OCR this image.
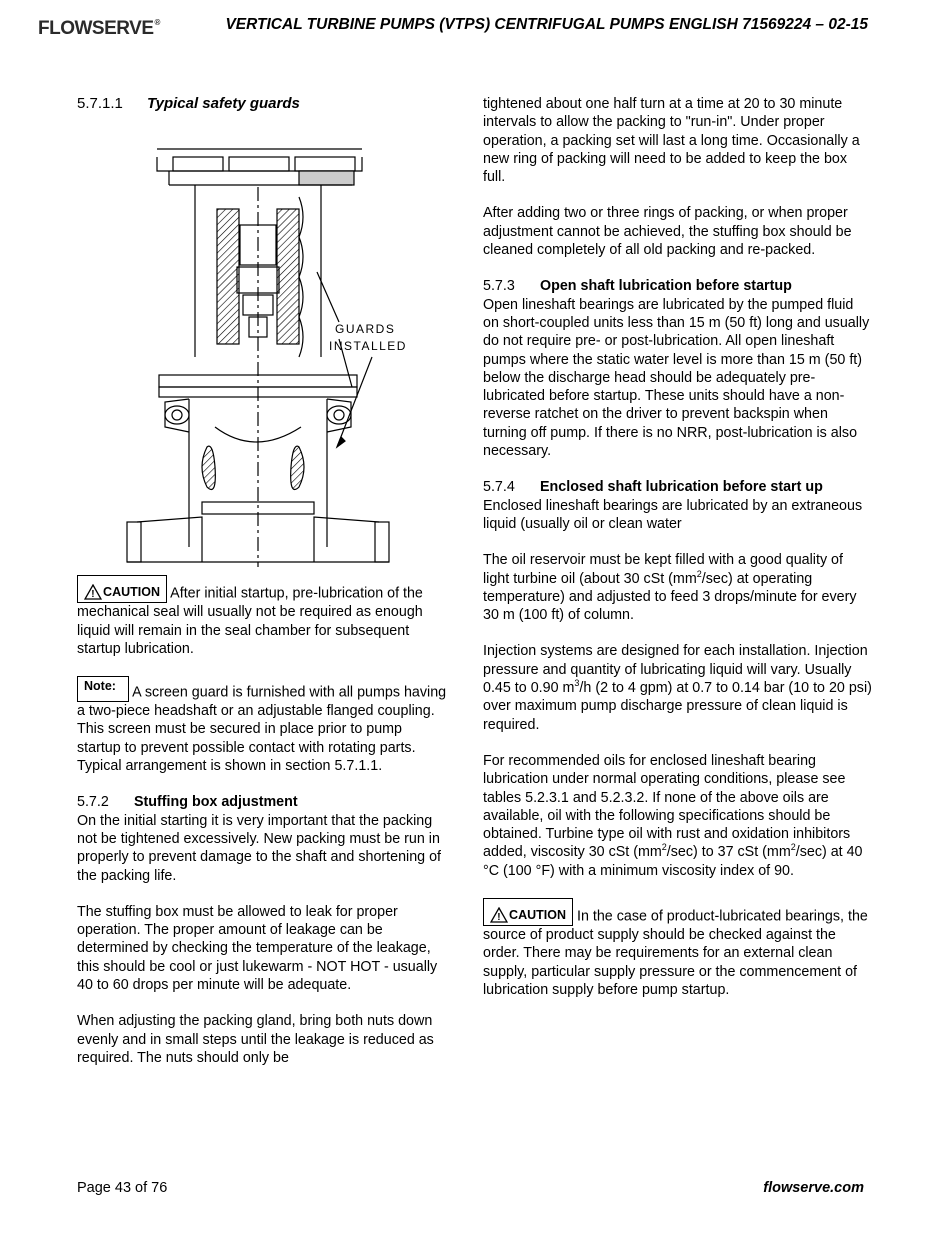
FLOWSERVE®	VERTICAL TURBINE PUMPS (VTPS) CENTRIFUGAL PUMPS ENGLISH 71569224 – 02-15

5.7.1.1 Typical safety guards

GUARDS
INSTALLED

! CAUTION After initial startup, pre-lubrication of the mechanical seal will usually not be required as enough liquid will remain in the seal chamber for subsequent startup lubrication.

Note: A screen guard is furnished with all pumps having a two-piece headshaft or an adjustable flanged coupling. This screen must be secured in place prior to pump startup to prevent possible contact with rotating parts. Typical arrangement is shown in section 5.7.1.1.

5.7.2 Stuffing box adjustment

On the initial starting it is very important that the packing not be tightened excessively. New packing must be run in properly to prevent damage to the shaft and shortening of the packing life.

The stuffing box must be allowed to leak for proper operation. The proper amount of leakage can be determined by checking the temperature of the leakage, this should be cool or just lukewarm - NOT HOT - usually 40 to 60 drops per minute will be adequate.

When adjusting the packing gland, bring both nuts down evenly and in small steps until the leakage is reduced as required. The nuts should only be

tightened about one half turn at a time at 20 to 30 minute intervals to allow the packing to "run-in". Under proper operation, a packing set will last a long time. Occasionally a new ring of packing will need to be added to keep the box full.

After adding two or three rings of packing, or when proper adjustment cannot be achieved, the stuffing box should be cleaned completely of all old packing and re-packed.

5.7.3 Open shaft lubrication before startup

Open lineshaft bearings are lubricated by the pumped fluid on short-coupled units less than 15 m (50 ft) long and usually do not require pre- or post-lubrication. All open lineshaft pumps where the static water level is more than 15 m (50 ft) below the discharge head should be adequately pre-lubricated before startup. These units should have a non-reverse ratchet on the driver to prevent backspin when turning off pump. If there is no NRR, post-lubrication is also necessary.

5.7.4 Enclosed shaft lubrication before start up

Enclosed lineshaft bearings are lubricated by an extraneous liquid (usually oil or clean water

The oil reservoir must be kept filled with a good quality of light turbine oil (about 30 cSt $(mm^2/\sec)$ at operating temperature) and adjusted to feed 3 drops/minute for every 30 m (100 ft) of column.

Injection systems are designed for each installation. Injection pressure and quantity of lubricating liquid will vary. Usually 0.45 to 0.90 $m^3/h$ (2 to 4 gpm) at 0.7 to 0.14 bar (10 to 20 psi) over maximum pump discharge pressure of clean liquid is required.

For recommended oils for enclosed lineshaft bearing lubrication under normal operating conditions, please see tables 5.2.3.1 and 5.2.3.2. If none of the above oils are available, oil with the following specifications should be obtained. Turbine type oil with rust and oxidation inhibitors added, viscosity 30 cSt $(mm^2/\sec)$ to 37 cSt $(mm^2/\sec)$ at 40 °C (100 °F) with a minimum viscosity index of 90.

! CAUTION In the case of product-lubricated bearings, the source of product supply should be checked against the order. There may be requirements for an external clean supply, particular supply pressure or the commencement of lubrication supply before pump startup.

Page 43 of 76	flowserve.com
